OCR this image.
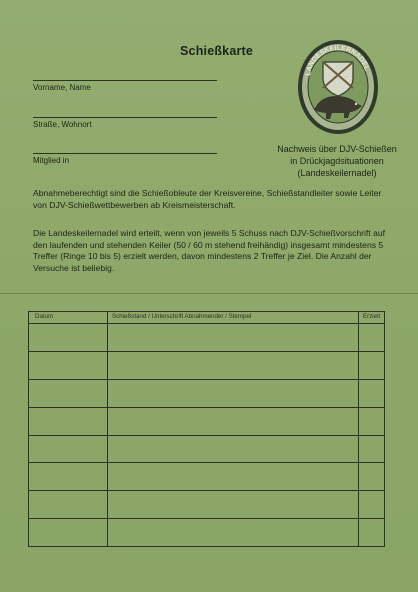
Schießkarte
Vorname, Name
Straße, Wohnort
Mitglied in
LANDESKEILERNADEL
Nachweis über DJV-Schießen
in Drückjagdsituationen
(Landeskeilernadel)
Abnahmeberechtigt sind die Schießobleute der Kreisvereine, Schießstandleiter sowie Leiter von DJV-Schießwettbewerben ab Kreismeisterschaft.
Die Landeskeilernadel wird erteilt, wenn von jeweils 5 Schuss nach DJV-Schießvorschrift auf den laufenden und stehenden Keiler (50 / 60 m stehend freihändig) insgesamt mindestens 5 Treffer (Ringe 10 bis 5) erzielt werden, davon mindestens 2 Treffer je Ziel. Die Anzahl der Versuche ist beliebig.
Datum	Schießstand / Unterschrift Abnahmender / Stempel	Erzielt
